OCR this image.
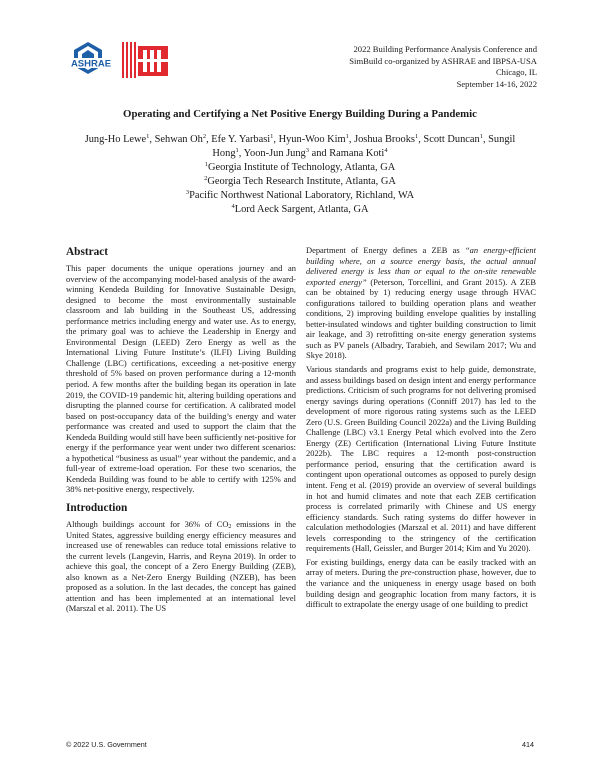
ASHRAE
2022 Building Performance Analysis Conference and
SimBuild co-organized by ASHRAE and IBPSA-USA
Chicago, IL
September 14-16, 2022
Operating and Certifying a Net Positive Energy Building During a Pandemic
Jung-Ho Lewe$^1$, Sehwan Oh$^2$, Efe Y. Yarbasi$^1$, Hyun-Woo Kim$^1$, Joshua Brooks$^1$, Scott Duncan$^1$, Sungil Hong$^1$, Yoon-Jun Jung$^3$ and Ramana Koti$^4$
$^1$Georgia Institute of Technology, Atlanta, GA
$^2$Georgia Tech Research Institute, Atlanta, GA
$^3$Pacific Northwest National Laboratory, Richland, WA
$^4$Lord Aeck Sargent, Atlanta, GA
Abstract
This paper documents the unique operations journey and an overview of the accompanying model-based analysis of the award-winning Kendeda Building for Innovative Sustainable Design, designed to become the most environmentally sustainable classroom and lab building in the Southeast US, addressing performance metrics including energy and water use. As to energy, the primary goal was to achieve the Leadership in Energy and Environmental Design (LEED) Zero Energy as well as the International Living Future Institute’s (ILFI) Living Building Challenge (LBC) certifications, exceeding a net-positive energy threshold of 5% based on proven performance during a 12-month period. A few months after the building began its operation in late 2019, the COVID-19 pandemic hit, altering building operations and disrupting the planned course for certification. A calibrated model based on post-occupancy data of the building’s energy and water performance was created and used to support the claim that the Kendeda Building would still have been sufficiently net-positive for energy if the performance year went under two different scenarios: a hypothetical “business as usual” year without the pandemic, and a full-year of extreme-load operation. For these two scenarios, the Kendeda Building was found to be able to certify with 125% and 38% net-positive energy, respectively.
Introduction
Although buildings account for 36% of CO2 emissions in the United States, aggressive building energy efficiency measures and increased use of renewables can reduce total emissions relative to the current levels (Langevin, Harris, and Reyna 2019). In order to achieve this goal, the concept of a Zero Energy Building (ZEB), also known as a Net-Zero Energy Building (NZEB), has been proposed as a solution. In the last decades, the concept has gained attention and has been implemented at an international level (Marszal et al. 2011). The US
Department of Energy defines a ZEB as “an energy-efficient building where, on a source energy basis, the actual annual delivered energy is less than or equal to the on-site renewable exported energy” (Peterson, Torcellini, and Grant 2015). A ZEB can be obtained by 1) reducing energy usage through HVAC configurations tailored to building operation plans and weather conditions, 2) improving building envelope qualities by installing better-insulated windows and tighter building construction to limit air leakage, and 3) retrofitting on-site energy generation systems such as PV panels (Albadry, Tarabieh, and Sewilam 2017; Wu and Skye 2018).
Various standards and programs exist to help guide, demonstrate, and assess buildings based on design intent and energy performance predictions. Criticism of such programs for not delivering promised energy savings during operations (Conniff 2017) has led to the development of more rigorous rating systems such as the LEED Zero (U.S. Green Building Council 2022a) and the Living Building Challenge (LBC) v3.1 Energy Petal which evolved into the Zero Energy (ZE) Certification (International Living Future Institute 2022b). The LBC requires a 12-month post-construction performance period, ensuring that the certification award is contingent upon operational outcomes as opposed to purely design intent. Feng et al. (2019) provide an overview of several buildings in hot and humid climates and note that each ZEB certification process is correlated primarily with Chinese and US energy efficiency standards. Such rating systems do differ however in calculation methodologies (Marszal et al. 2011) and have different levels corresponding to the stringency of the certification requirements (Hall, Geissler, and Burger 2014; Kim and Yu 2020).
For existing buildings, energy data can be easily tracked with an array of meters. During the pre-construction phase, however, due to the variance and the uniqueness in energy usage based on both building design and geographic location from many factors, it is difficult to extrapolate the energy usage of one building to predict
© 2022 U.S. Government	414
